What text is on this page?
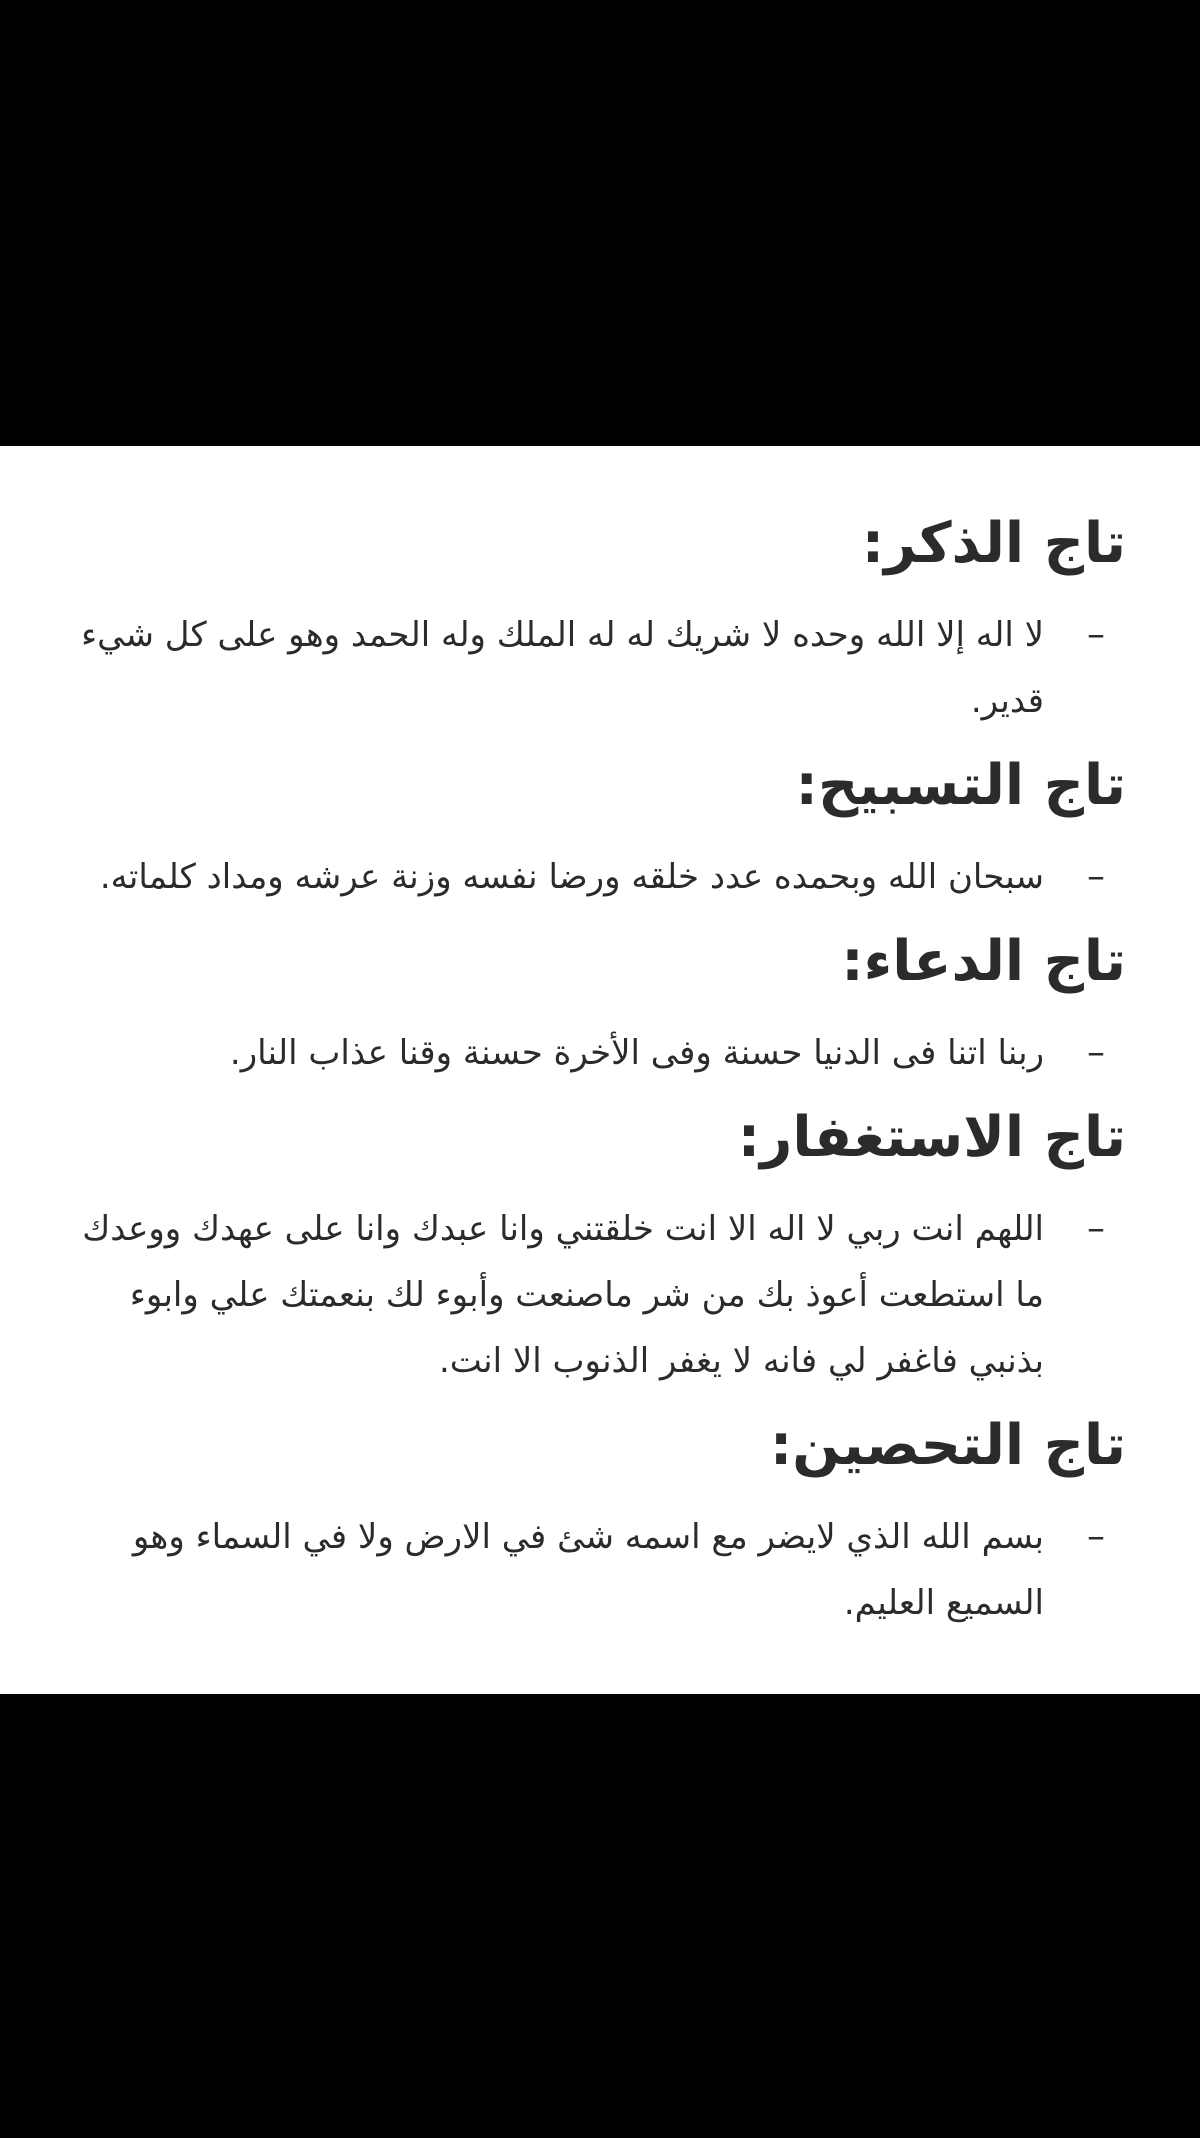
تاج الذكر:
–
لا اله إلا الله وحده لا شريك له له الملك وله الحمد وهو على كل شيء قدير.
تاج التسبيح:
–
سبحان الله وبحمده عدد خلقه ورضا نفسه وزنة عرشه ومداد كلماته.
تاج الدعاء:
–
ربنا اتنا فى الدنيا حسنة وفى الأخرة حسنة وقنا عذاب النار.
تاج الاستغفار:
–
اللهم انت ربي لا اله الا انت خلقتني وانا عبدك وانا على عهدك ووعدك ما استطعت أعوذ بك من شر ماصنعت وأبوء لك بنعمتك علي وابوء بذنبي فاغفر لي فانه لا يغفر الذنوب الا انت.
تاج التحصين:
–
بسم الله الذي لايضر مع اسمه شئ في الارض ولا في السماء وهو السميع العليم.
